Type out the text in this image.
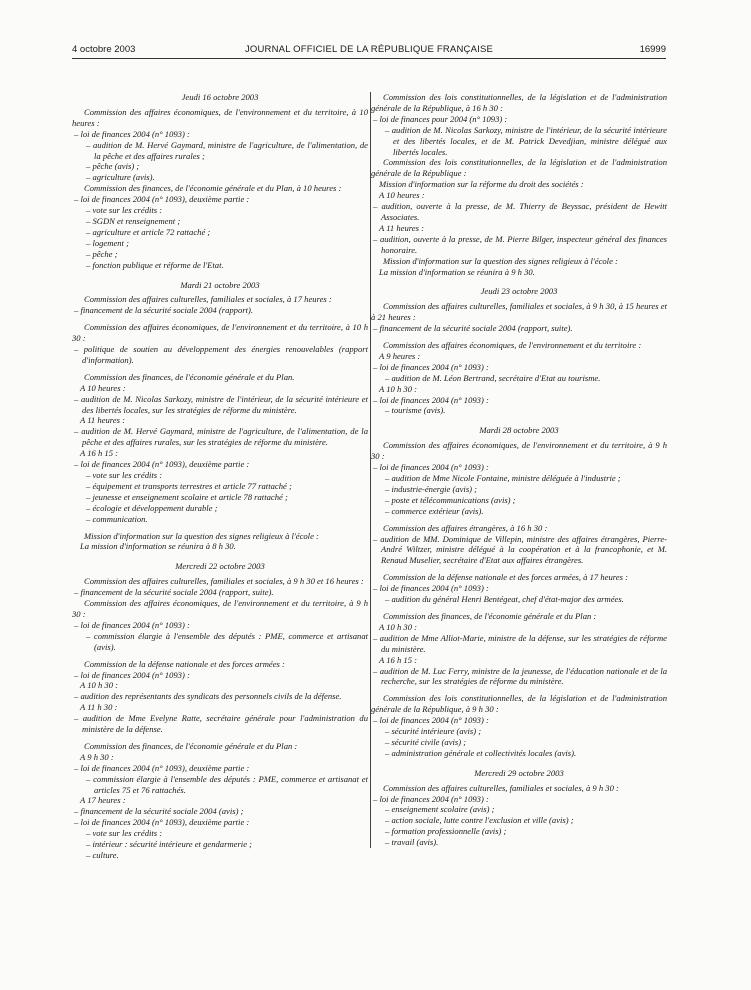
4 octobre 2003	JOURNAL OFFICIEL DE LA RÉPUBLIQUE FRANÇAISE	16999
Jeudi 16 octobre 2003
Commission des affaires économiques, de l'environnement et du territoire, à 10 heures :
– loi de finances 2004 (n° 1093) :
– audition de M. Hervé Gaymard, ministre de l'agriculture, de l'alimentation, de la pêche et des affaires rurales ;
– pêche (avis) ;
– agriculture (avis).
Commission des finances, de l'économie générale et du Plan, à 10 heures :
– loi de finances 2004 (n° 1093), deuxième partie :
– vote sur les crédits :
– SGDN et renseignement ;
– agriculture et article 72 rattaché ;
– logement ;
– pêche ;
– fonction publique et réforme de l'Etat.
Mardi 21 octobre 2003
Commission des affaires culturelles, familiales et sociales, à 17 heures :
– financement de la sécurité sociale 2004 (rapport).
Commission des affaires économiques, de l'environnement et du territoire, à 10 h 30 :
– politique de soutien au développement des énergies renouvelables (rapport d'information).
Commission des finances, de l'économie générale et du Plan.
A 10 heures :
– audition de M. Nicolas Sarkozy, ministre de l'intérieur, de la sécurité intérieure et des libertés locales, sur les stratégies de réforme du ministère.
A 11 heures :
– audition de M. Hervé Gaymard, ministre de l'agriculture, de l'alimentation, de la pêche et des affaires rurales, sur les stratégies de réforme du ministère.
A 16 h 15 :
– loi de finances 2004 (n° 1093), deuxième partie :
– vote sur les crédits :
– équipement et transports terrestres et article 77 rattaché ;
– jeunesse et enseignement scolaire et article 78 rattaché ;
– écologie et développement durable ;
– communication.
Mission d'information sur la question des signes religieux à l'école :
La mission d'information se réunira à 8 h 30.
Mercredi 22 octobre 2003
Commission des affaires culturelles, familiales et sociales, à 9 h 30 et 16 heures :
– financement de la sécurité sociale 2004 (rapport, suite).
Commission des affaires économiques, de l'environnement et du territoire, à 9 h 30 :
– loi de finances 2004 (n° 1093) :
– commission élargie à l'ensemble des députés : PME, commerce et artisanat (avis).
Commission de la défense nationale et des forces armées :
– loi de finances 2004 (n° 1093) :
A 10 h 30 :
– audition des représentants des syndicats des personnels civils de la défense.
A 11 h 30 :
– audition de Mme Evelyne Ratte, secrétaire générale pour l'administration du ministère de la défense.
Commission des finances, de l'économie générale et du Plan :
A 9 h 30 :
– loi de finances 2004 (n° 1093), deuxième partie :
– commission élargie à l'ensemble des députés : PME, commerce et artisanat et articles 75 et 76 rattachés.
A 17 heures :
– financement de la sécurité sociale 2004 (avis) ;
– loi de finances 2004 (n° 1093), deuxième partie :
– vote sur les crédits :
– intérieur : sécurité intérieure et gendarmerie ;
– culture.
Commission des lois constitutionnelles, de la législation et de l'administration générale de la République, à 16 h 30 :
– loi de finances pour 2004 (n° 1093) :
– audition de M. Nicolas Sarkozy, ministre de l'intérieur, de la sécurité intérieure et des libertés locales, et de M. Patrick Devedjian, ministre délégué aux libertés locales.
Commission des lois constitutionnelles, de la législation et de l'administration générale de la République :
Mission d'information sur la réforme du droit des sociétés :
A 10 heures :
– audition, ouverte à la presse, de M. Thierry de Beyssac, président de Hewitt Associates.
A 11 heures :
– audition, ouverte à la presse, de M. Pierre Bilger, inspecteur général des finances honoraire.
Mission d'information sur la question des signes religieux à l'école :
La mission d'information se réunira à 9 h 30.
Jeudi 23 octobre 2003
Commission des affaires culturelles, familiales et sociales, à 9 h 30, à 15 heures et à 21 heures :
– financement de la sécurité sociale 2004 (rapport, suite).
Commission des affaires économiques, de l'environnement et du territoire :
A 9 heures :
– loi de finances 2004 (n° 1093) :
– audition de M. Léon Bertrand, secrétaire d'Etat au tourisme.
A 10 h 30 :
– loi de finances 2004 (n° 1093) :
– tourisme (avis).
Mardi 28 octobre 2003
Commission des affaires économiques, de l'environnement et du territoire, à 9 h 30 :
– loi de finances 2004 (n° 1093) :
– audition de Mme Nicole Fontaine, ministre déléguée à l'industrie ;
– industrie-énergie (avis) ;
– poste et télécommunications (avis) ;
– commerce extérieur (avis).
Commission des affaires étrangères, à 16 h 30 :
– audition de MM. Dominique de Villepin, ministre des affaires étrangères, Pierre-André Wiltzer, ministre délégué à la coopération et à la francophonie, et M. Renaud Muselier, secrétaire d'Etat aux affaires étrangères.
Commission de la défense nationale et des forces armées, à 17 heures :
– loi de finances 2004 (n° 1093) :
– audition du général Henri Bentégeat, chef d'état-major des armées.
Commission des finances, de l'économie générale et du Plan :
A 10 h 30 :
– audition de Mme Alliot-Marie, ministre de la défense, sur les stratégies de réforme du ministère.
A 16 h 15 :
– audition de M. Luc Ferry, ministre de la jeunesse, de l'éducation nationale et de la recherche, sur les stratégies de réforme du ministère.
Commission des lois constitutionnelles, de la législation et de l'administration générale de la République, à 9 h 30 :
– loi de finances 2004 (n° 1093) :
– sécurité intérieure (avis) ;
– sécurité civile (avis) ;
– administration générale et collectivités locales (avis).
Mercredi 29 octobre 2003
Commission des affaires culturelles, familiales et sociales, à 9 h 30 :
– loi de finances 2004 (n° 1093) :
– enseignement scolaire (avis) ;
– action sociale, lutte contre l'exclusion et ville (avis) ;
– formation professionnelle (avis) ;
– travail (avis).
